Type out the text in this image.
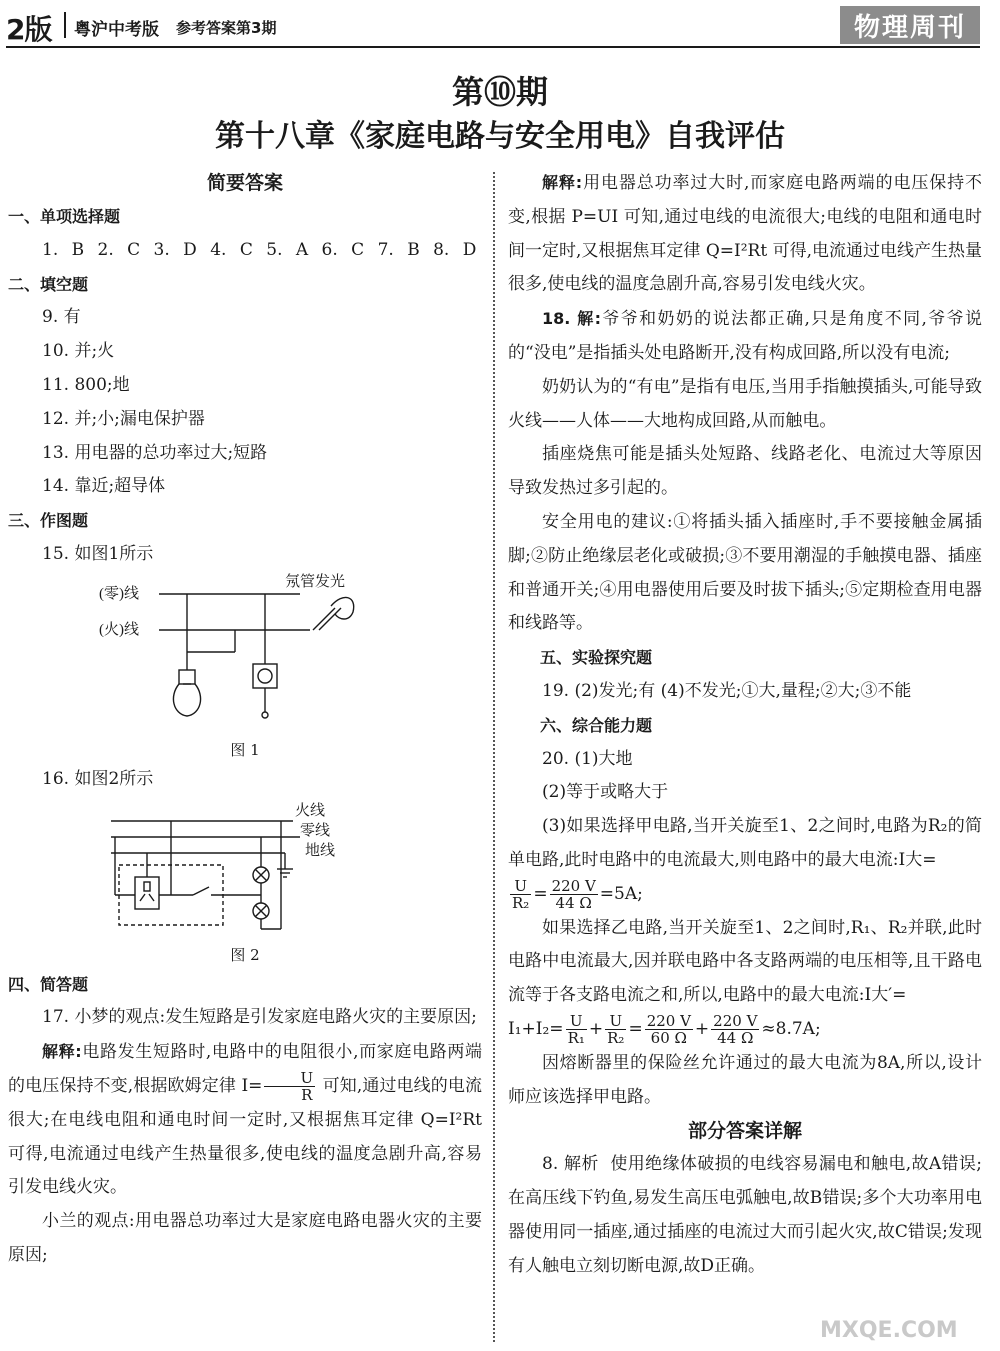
2版 粤沪中考版 参考答案第3期	物理周刊
第⑩期
第十八章《家庭电路与安全用电》自我评估

简要答案

一、单项选择题

1. B 2. C 3. D 4. C 5. A 6. C 7. B 8. D

二、填空题

9. 有

10. 并;火

11. 800;地

12. 并;小;漏电保护器

13. 用电器的总功率过大;短路

14. 靠近;超导体

三、作图题

15. 如图1所示

(零)线
(火)线
氖管发光

图 1

16. 如图2所示

火线
零线
地线

图 2

四、简答题

17. 小梦的观点:发生短路是引发家庭电路火灾的主要原因;

解释:电路发生短路时,电路中的电阻很小,而家庭电路两端的电压保持不变,根据欧姆定律 $I= \frac{U}{R}$ 可知,通过电线的电流很大;在电线电阻和通电时间一定时,又根据焦耳定律 Q=I²Rt 可得,电流通过电线产生热量很多,使电线的温度急剧升高,容易引发电线火灾。

小兰的观点:用电器总功率过大是家庭电路电器火灾的主要原因;

解释:用电器总功率过大时,而家庭电路两端的电压保持不变,根据 P=UI 可知,通过电线的电流很大;电线的电阻和通电时间一定时,又根据焦耳定律 Q=I²Rt 可得,电流通过电线产生热量很多,使电线的温度急剧升高,容易引发电线火灾。

18. 解:爷爷和奶奶的说法都正确,只是角度不同,爷爷说的“没电”是指插头处电路断开,没有构成回路,所以没有电流;

奶奶认为的“有电”是指有电压,当用手指触摸插头,可能导致火线——人体——大地构成回路,从而触电。

插座烧焦可能是插头处短路、线路老化、电流过大等原因导致发热过多引起的。

安全用电的建议:①将插头插入插座时,手不要接触金属插脚;②防止绝缘层老化或破损;③不要用潮湿的手触摸电器、插座和普通开关;④用电器使用后要及时拔下插头;⑤定期检查用电器和线路等。

五、实验探究题

19. (2)发光;有 (4)不发光;①大,量程;②大;③不能

六、综合能力题

20. (1)大地

(2)等于或略大于

(3)如果选择甲电路,当开关旋至1、2之间时,电路为R₂的简单电路,此时电路中的电流最大,则电路中的最大电流:I大=

$\frac{U}{\text{R₂}} = \frac{220 V}{44 \Omega} =5A$;

如果选择乙电路,当开关旋至1、2之间时,R₁、R₂并联,此时电路中电流最大,因并联电路中各支路两端的电压相等,且干路电流等于各支路电流之和,所以,电路中的最大电流:I大′=

$I_1+I_2= \frac{U}{\text{R₁}} + \frac{U}{\text{R₂}} = \frac{220 V}{60 \Omega} + \frac{220 V}{44 \Omega} \approx 8.7A$;

因熔断器里的保险丝允许通过的最大电流为8A,所以,设计师应该选择甲电路。

部分答案详解

8. 解析 使用绝缘体破损的电线容易漏电和触电,故A错误;在高压线下钓鱼,易发生高压电弧触电,故B错误;多个大功率用电器使用同一插座,通过插座的电流过大而引起火灾,故C错误;发现有人触电立刻切断电源,故D正确。

MXQE.COM
